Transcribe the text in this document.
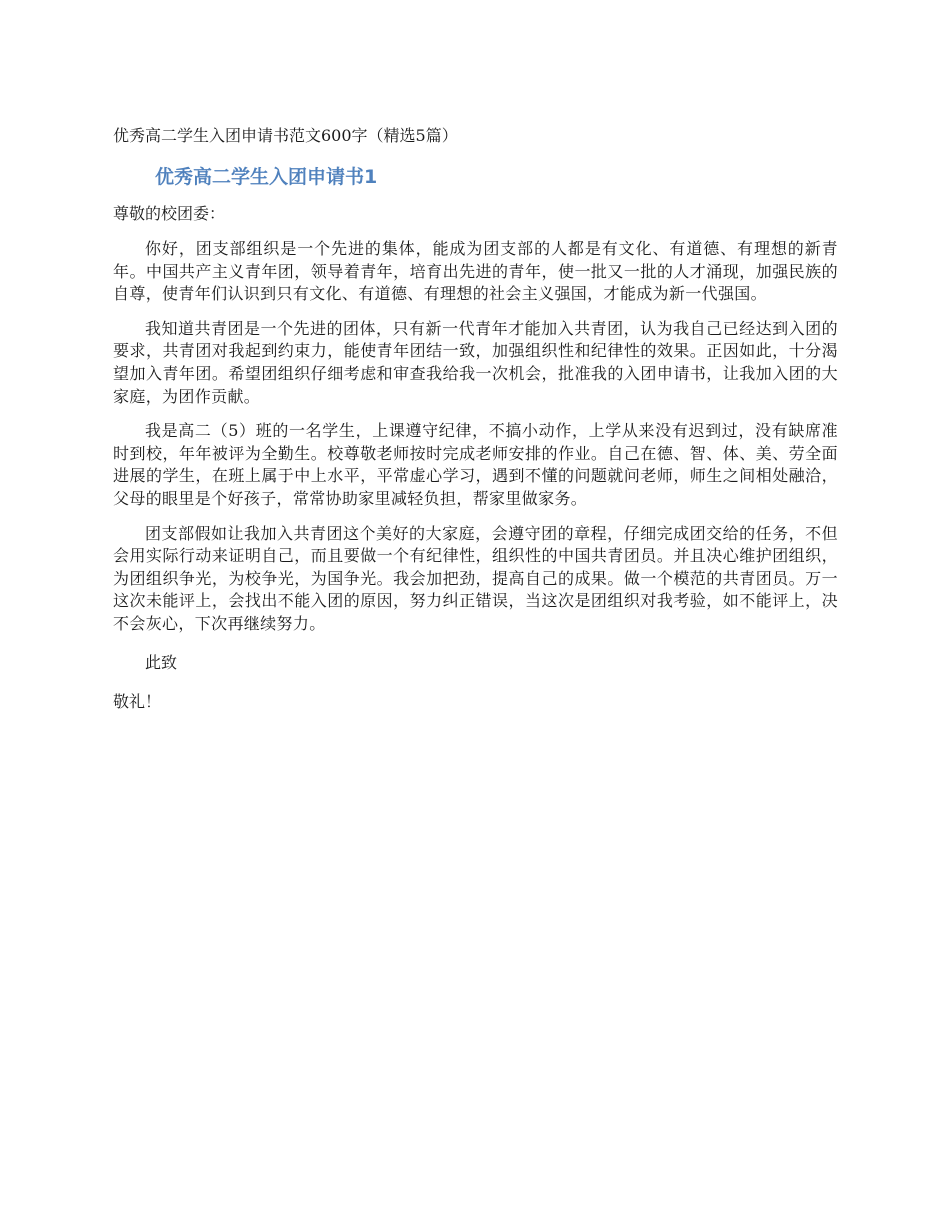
优秀高二学生入团申请书范文600字（精选5篇）
优秀高二学生入团申请书1

尊敬的校团委：

你好，团支部组织是一个先进的集体，能成为团支部的人都是有文化、有道德、有理想的新青年。中国共产主义青年团，领导着青年，培育出先进的青年，使一批又一批的人才涌现，加强民族的自尊，使青年们认识到只有文化、有道德、有理想的社会主义强国，才能成为新一代强国。

我知道共青团是一个先进的团体，只有新一代青年才能加入共青团，认为我自己已经达到入团的要求，共青团对我起到约束力，能使青年团结一致，加强组织性和纪律性的效果。正因如此，十分渴望加入青年团。希望团组织仔细考虑和审查我给我一次机会，批准我的入团申请书，让我加入团的大家庭，为团作贡献。

我是高二（5）班的一名学生，上课遵守纪律，不搞小动作，上学从来没有迟到过，没有缺席准时到校，年年被评为全勤生。校尊敬老师按时完成老师安排的作业。自己在德、智、体、美、劳全面进展的学生，在班上属于中上水平，平常虚心学习，遇到不懂的问题就问老师，师生之间相处融洽，父母的眼里是个好孩子，常常协助家里减轻负担，帮家里做家务。

团支部假如让我加入共青团这个美好的大家庭，会遵守团的章程，仔细完成团交给的任务，不但会用实际行动来证明自己，而且要做一个有纪律性，组织性的中国共青团员。并且决心维护团组织，为团组织争光，为校争光，为国争光。我会加把劲，提高自己的成果。做一个模范的共青团员。万一这次未能评上，会找出不能入团的原因，努力纠正错误，当这次是团组织对我考验，如不能评上，决不会灰心，下次再继续努力。

此致

敬礼！
